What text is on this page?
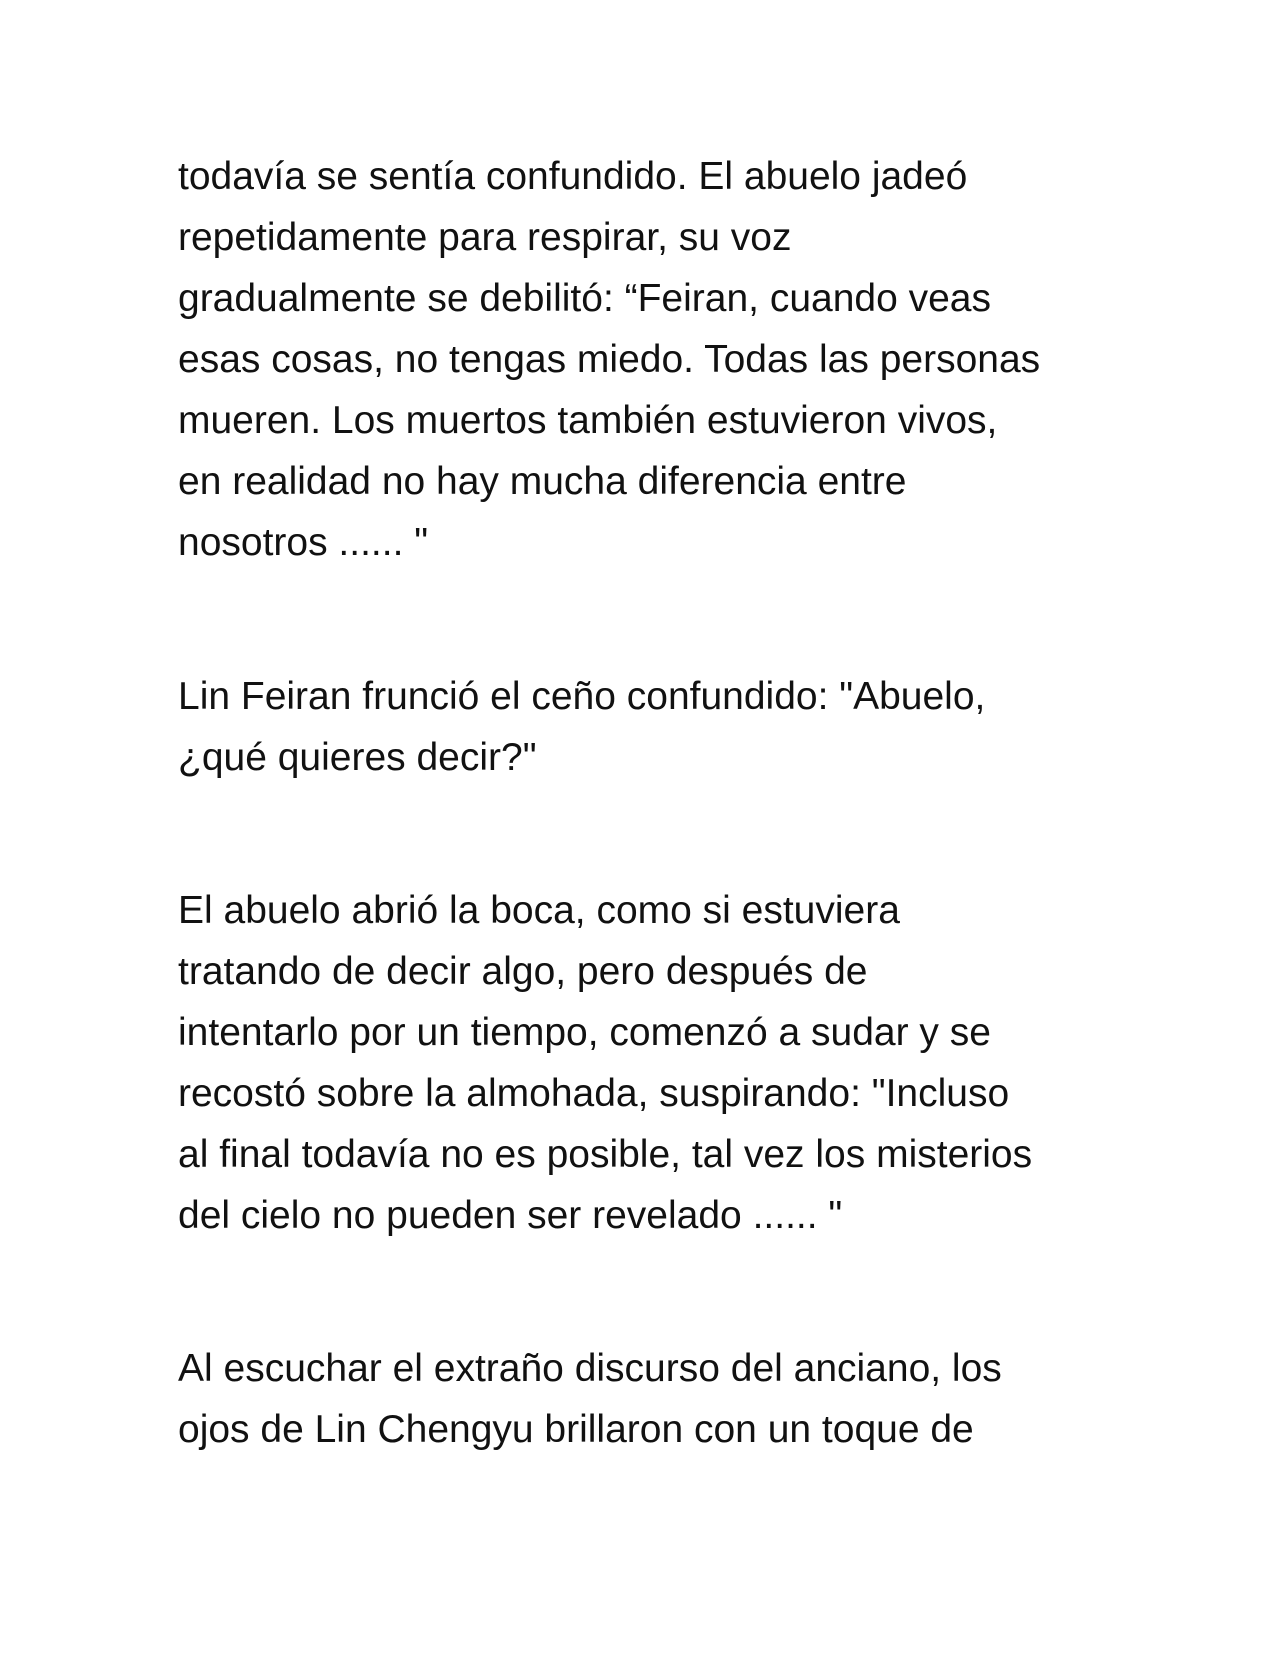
todavía se sentía confundido. El abuelo jadeó
repetidamente para respirar, su voz
gradualmente se debilitó: “Feiran, cuando veas
esas cosas, no tengas miedo. Todas las personas
mueren. Los muertos también estuvieron vivos,
en realidad no hay mucha diferencia entre
nosotros ...... "

Lin Feiran frunció el ceño confundido: "Abuelo,
¿qué quieres decir?"

El abuelo abrió la boca, como si estuviera
tratando de decir algo, pero después de
intentarlo por un tiempo, comenzó a sudar y se
recostó sobre la almohada, suspirando: "Incluso
al final todavía no es posible, tal vez los misterios
del cielo no pueden ser revelado ...... "

Al escuchar el extraño discurso del anciano, los
ojos de Lin Chengyu brillaron con un toque de
